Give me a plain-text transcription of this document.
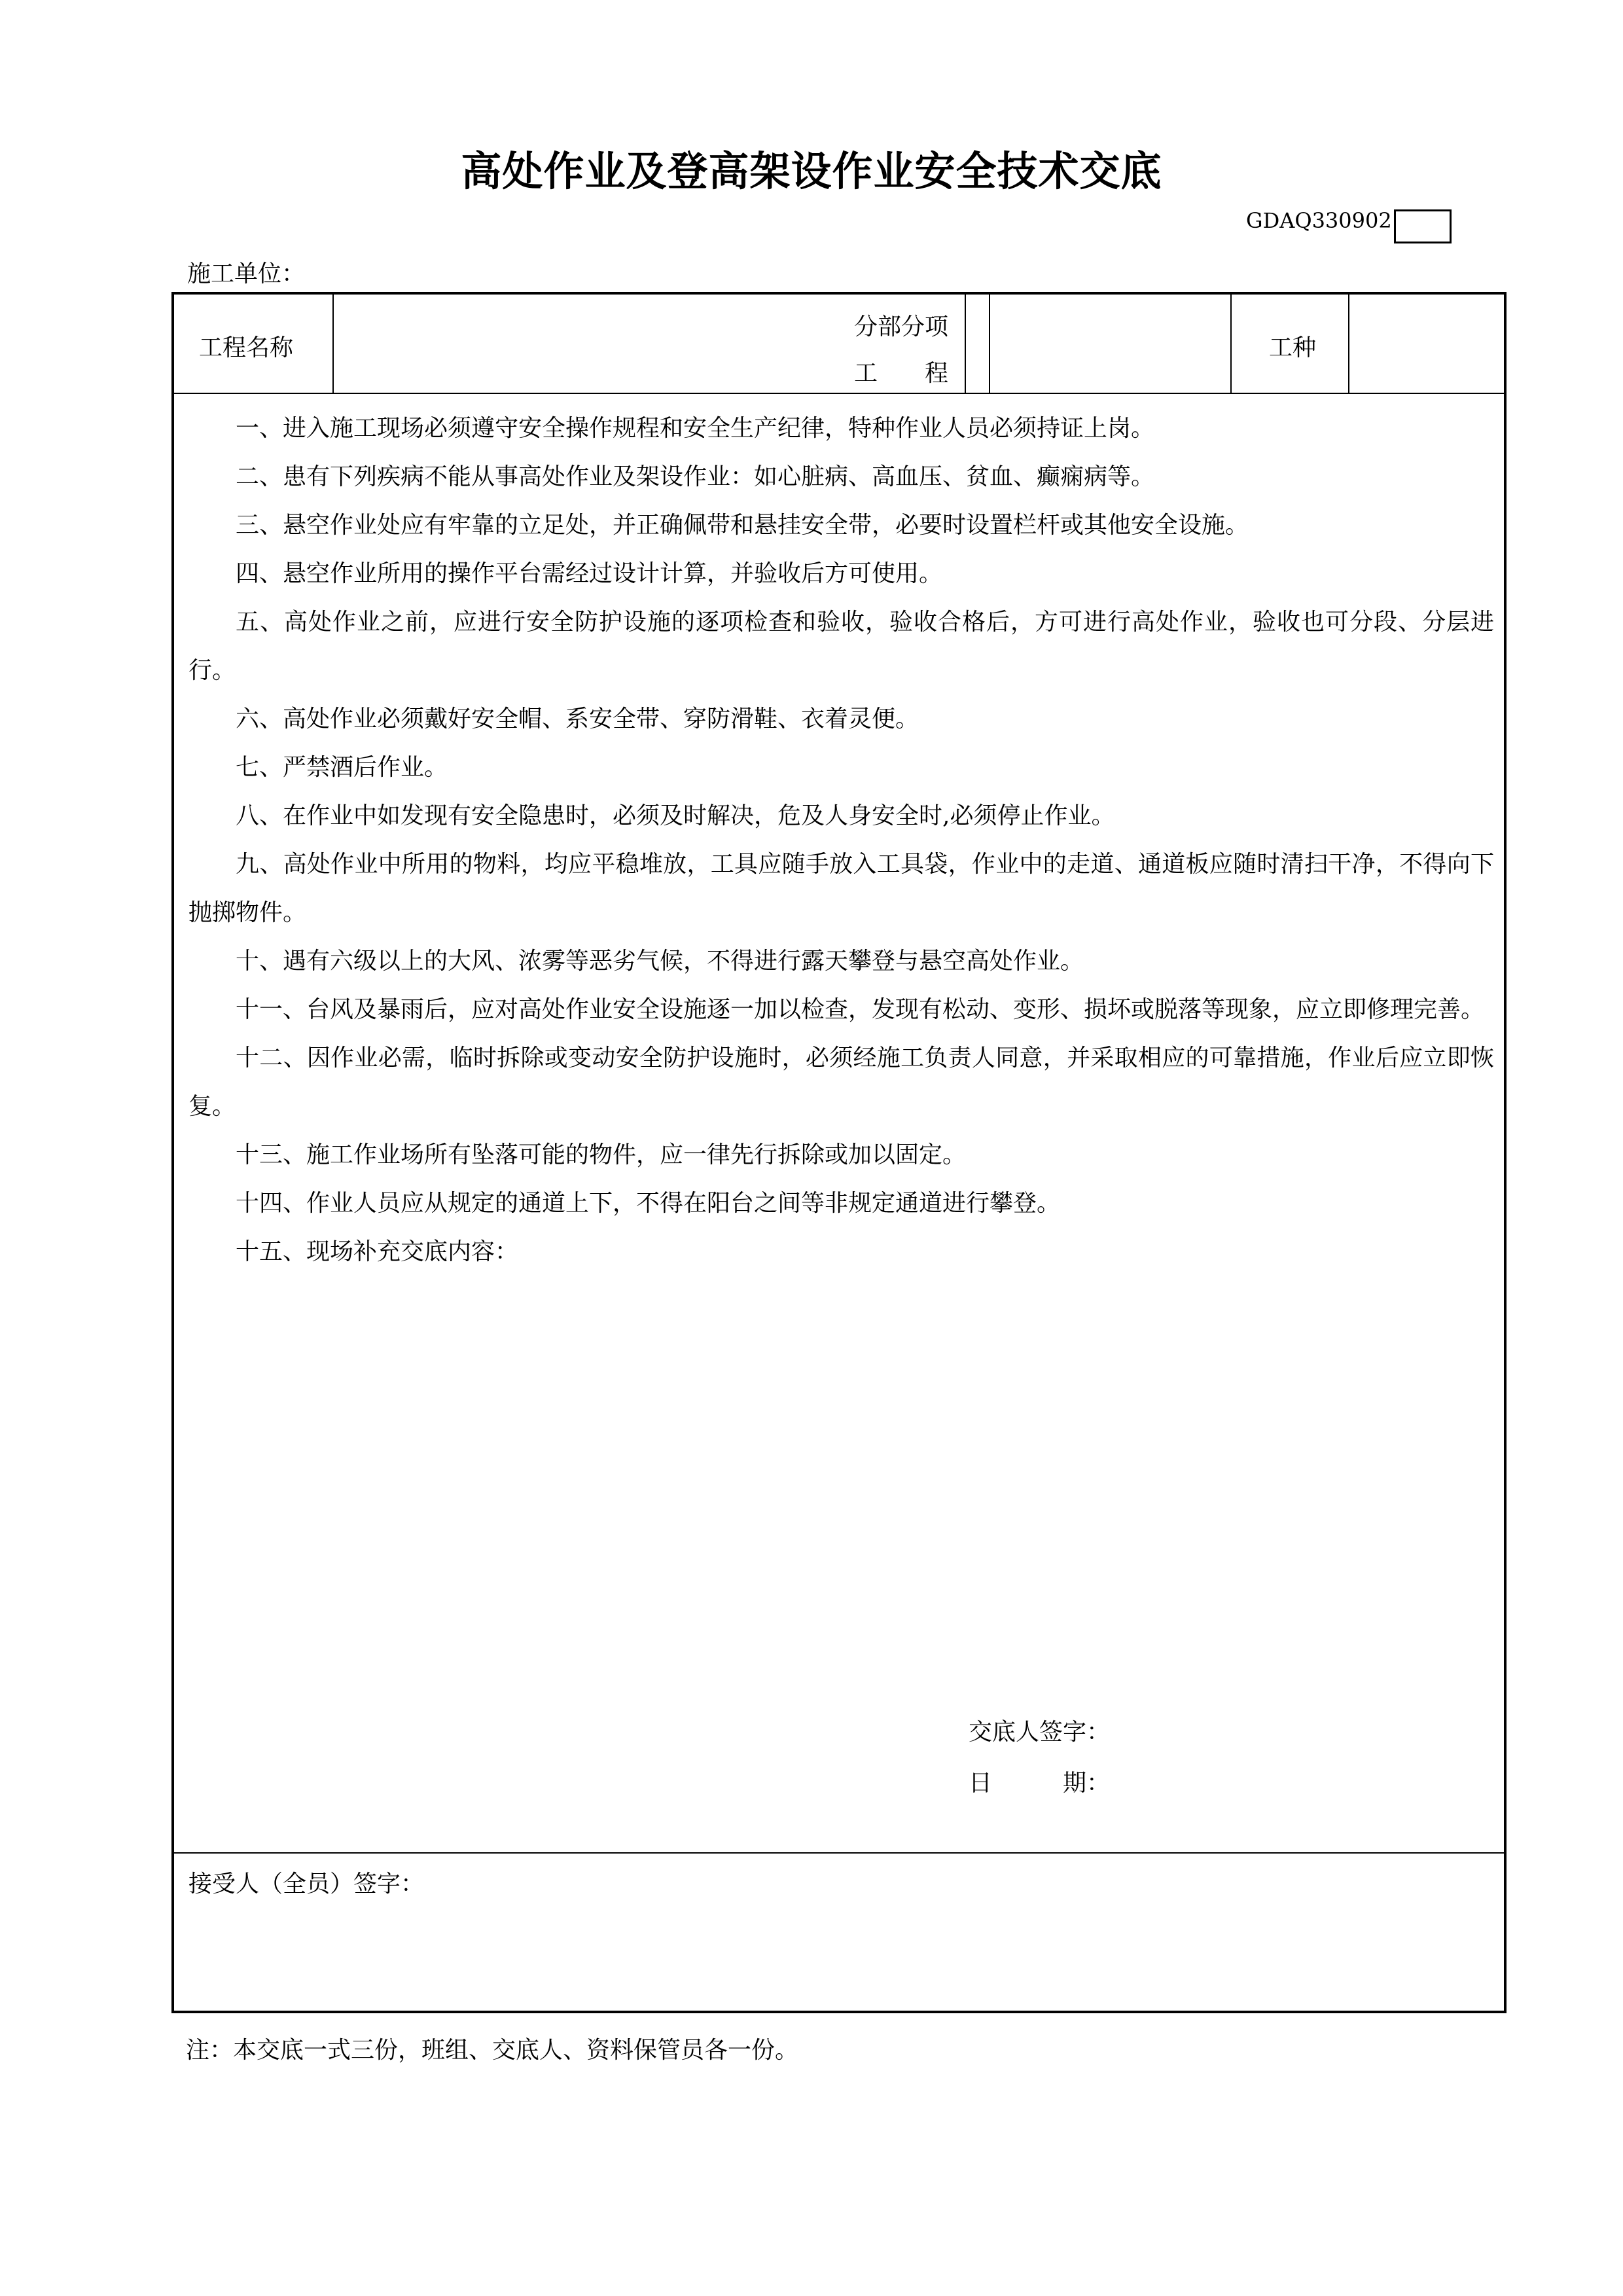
高处作业及登高架设作业安全技术交底
GDAQ330902
施工单位：
工程名称
分部分项
工　　程
工种

一、进入施工现场必须遵守安全操作规程和安全生产纪律，特种作业人员必须持证上岗。

二、患有下列疾病不能从事高处作业及架设作业：如心脏病、高血压、贫血、癫痫病等。

三、悬空作业处应有牢靠的立足处，并正确佩带和悬挂安全带，必要时设置栏杆或其他安全设施。

四、悬空作业所用的操作平台需经过设计计算，并验收后方可使用。

五、高处作业之前，应进行安全防护设施的逐项检查和验收，验收合格后，方可进行高处作业，验收也可分段、分层进行。

六、高处作业必须戴好安全帽、系安全带、穿防滑鞋、衣着灵便。

七、严禁酒后作业。

八、在作业中如发现有安全隐患时，必须及时解决，危及人身安全时,必须停止作业。

九、高处作业中所用的物料，均应平稳堆放，工具应随手放入工具袋，作业中的走道、通道板应随时清扫干净，不得向下抛掷物件。

十、遇有六级以上的大风、浓雾等恶劣气候，不得进行露天攀登与悬空高处作业。

十一、台风及暴雨后，应对高处作业安全设施逐一加以检查，发现有松动、变形、损坏或脱落等现象，应立即修理完善。

十二、因作业必需，临时拆除或变动安全防护设施时，必须经施工负责人同意，并采取相应的可靠措施，作业后应立即恢复。

十三、施工作业场所有坠落可能的物件，应一律先行拆除或加以固定。

十四、作业人员应从规定的通道上下，不得在阳台之间等非规定通道进行攀登。

十五、现场补充交底内容：

交底人签字：
日　　　期：
接受人（全员）签字：
注：本交底一式三份，班组、交底人、资料保管员各一份。
